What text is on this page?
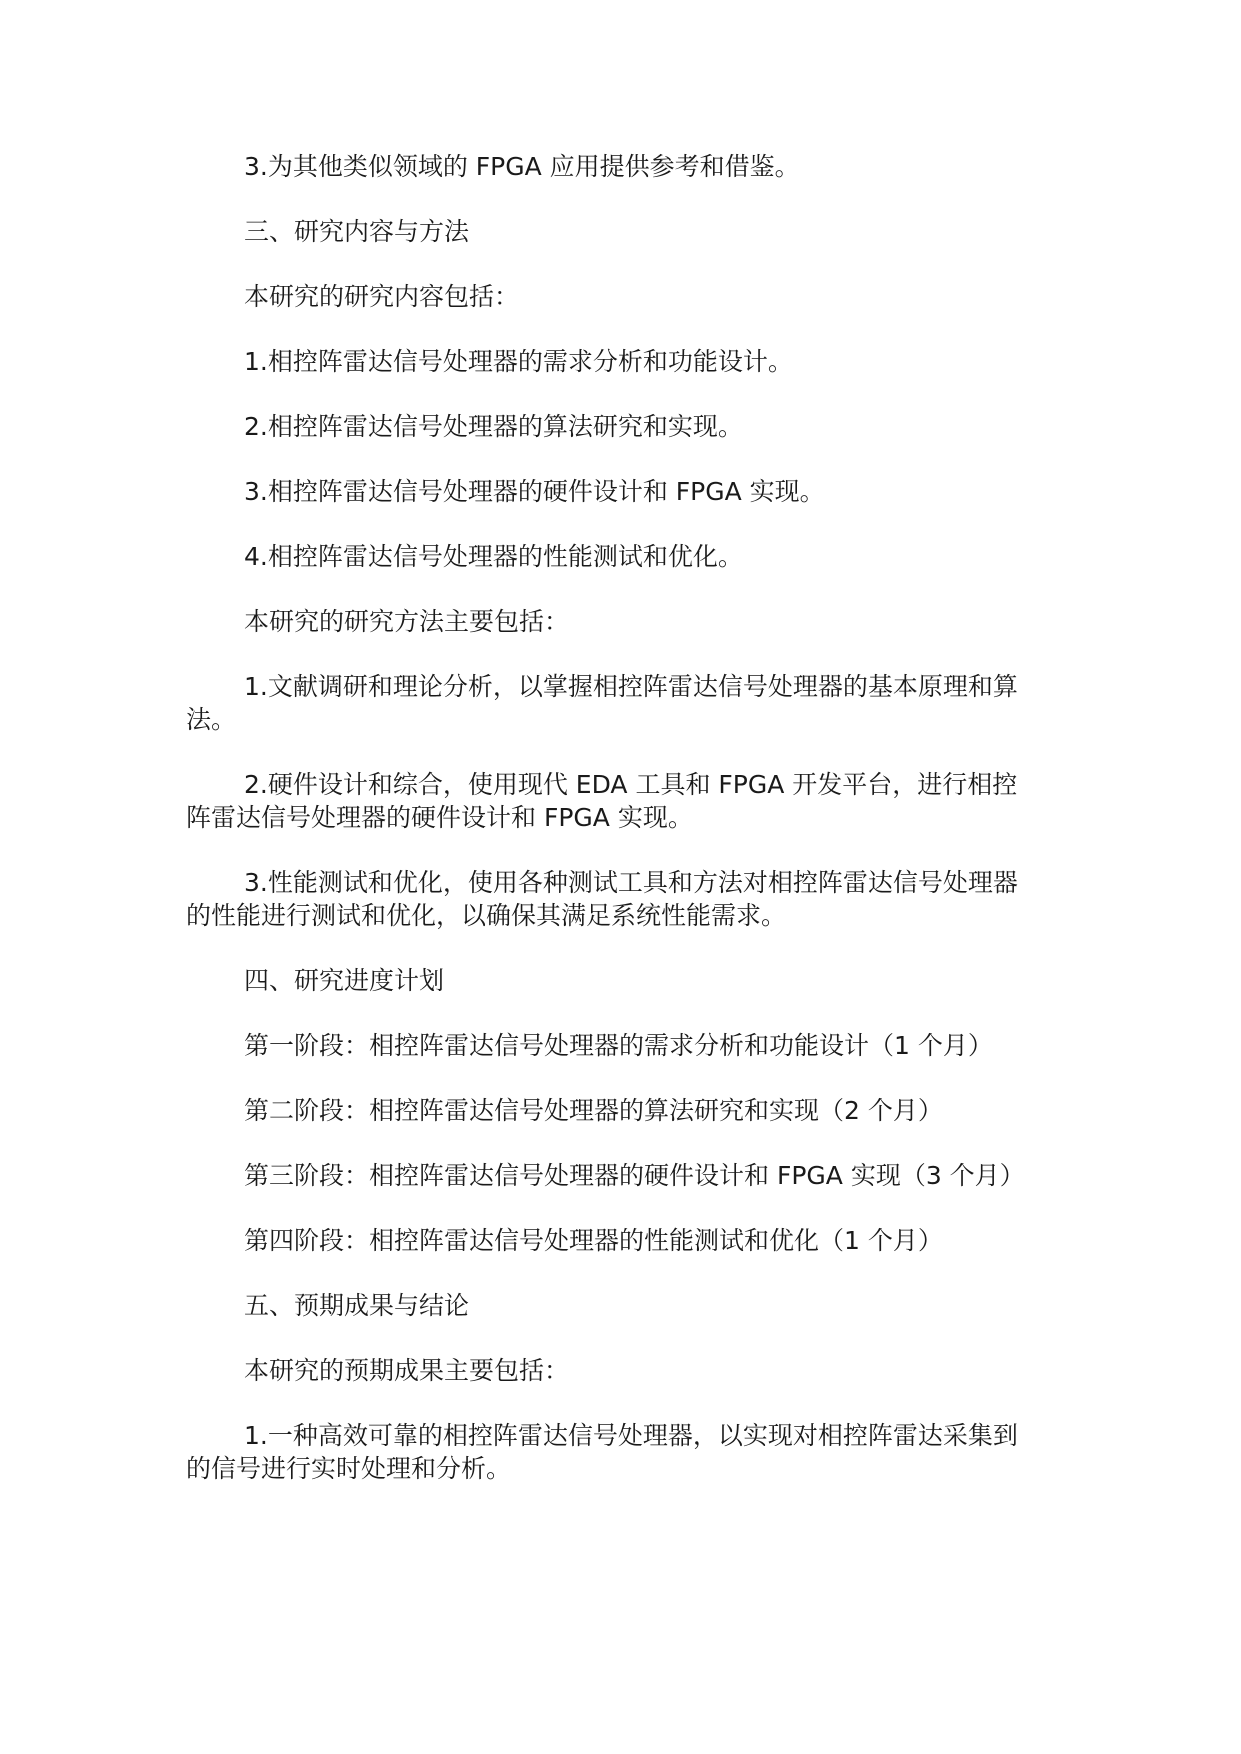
3.为其他类似领域的 FPGA 应用提供参考和借鉴。

三、研究内容与方法

本研究的研究内容包括：

1.相控阵雷达信号处理器的需求分析和功能设计。

2.相控阵雷达信号处理器的算法研究和实现。

3.相控阵雷达信号处理器的硬件设计和 FPGA 实现。

4.相控阵雷达信号处理器的性能测试和优化。

本研究的研究方法主要包括：

1.文献调研和理论分析，以掌握相控阵雷达信号处理器的基本原理和算法。

2.硬件设计和综合，使用现代 EDA 工具和 FPGA 开发平台，进行相控阵雷达信号处理器的硬件设计和 FPGA 实现。

3.性能测试和优化，使用各种测试工具和方法对相控阵雷达信号处理器的性能进行测试和优化，以确保其满足系统性能需求。

四、研究进度计划

第一阶段：相控阵雷达信号处理器的需求分析和功能设计（1 个月）

第二阶段：相控阵雷达信号处理器的算法研究和实现（2 个月）

第三阶段：相控阵雷达信号处理器的硬件设计和 FPGA 实现（3 个月）

第四阶段：相控阵雷达信号处理器的性能测试和优化（1 个月）

五、预期成果与结论

本研究的预期成果主要包括：

1.一种高效可靠的相控阵雷达信号处理器，以实现对相控阵雷达采集到的信号进行实时处理和分析。
